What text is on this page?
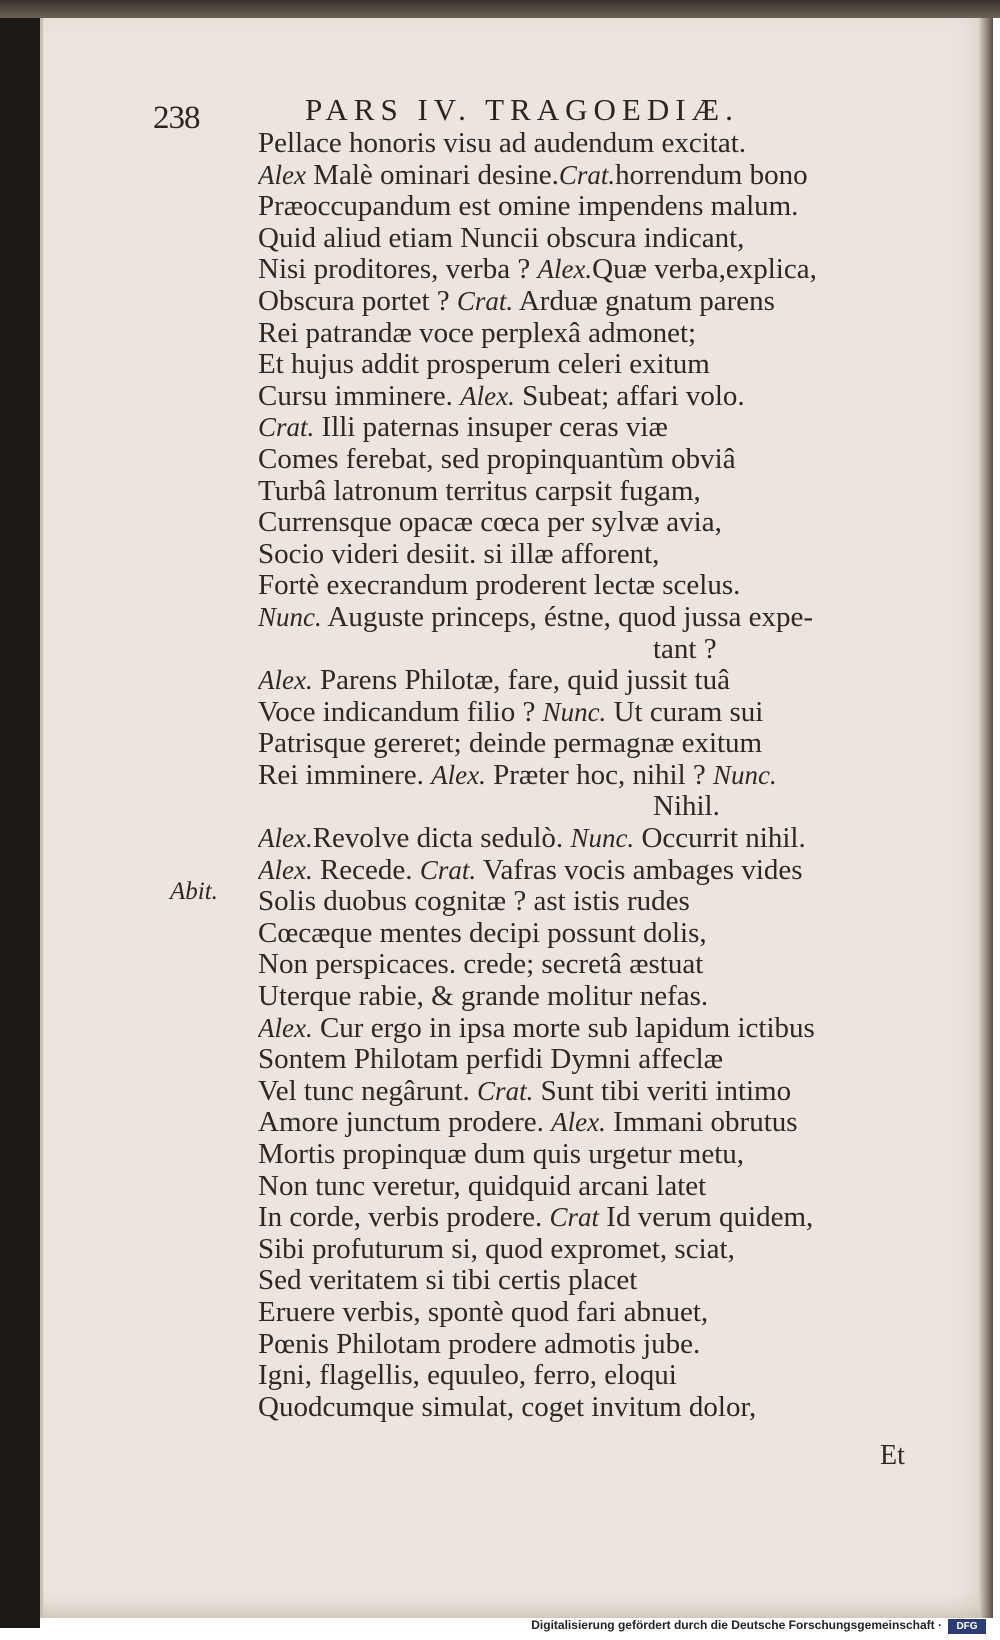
238	PARS IV. TRAGOEDIÆ.
Abit.
Pellace honoris visu ad audendum excitat.
Alex Malè ominari desine.Crat.horrendum bono
Præoccupandum est omine impendens malum.
Quid aliud etiam Nuncii obscura indicant,
Nisi proditores, verba ? Alex.Quæ verba,explica,
Obscura portet ? Crat. Arduæ gnatum parens
Rei patrandæ voce perplexâ admonet;
Et hujus addit prosperum celeri exitum
Cursu imminere. Alex. Subeat; affari volo.
Crat. Illi paternas insuper ceras viæ
Comes ferebat, sed propinquantùm obviâ
Turbâ latronum territus carpsit fugam,
Currensque opacæ cœca per sylvæ avia,
Socio videri desiit. si illæ afforent,
Fortè execrandum proderent lectæ scelus.
Nunc. Auguste princeps, éstne, quod jussa expe-
tant ?
Alex. Parens Philotæ, fare, quid jussit tuâ
Voce indicandum filio ? Nunc. Ut curam sui
Patrisque gereret; deinde permagnæ exitum
Rei imminere. Alex. Præter hoc, nihil ? Nunc.
Nihil.
Alex.Revolve dicta sedulò. Nunc. Occurrit nihil.
Alex. Recede. Crat. Vafras vocis ambages vides
Solis duobus cognitæ ? ast istis rudes
Cœcæque mentes decipi possunt dolis,
Non perspicaces. crede; secretâ æstuat
Uterque rabie, & grande molitur nefas.
Alex. Cur ergo in ipsa morte sub lapidum ictibus
Sontem Philotam perfidi Dymni affeclæ
Vel tunc negârunt. Crat. Sunt tibi veriti intimo
Amore junctum prodere. Alex. Immani obrutus
Mortis propinquæ dum quis urgetur metu,
Non tunc veretur, quidquid arcani latet
In corde, verbis prodere. Crat Id verum quidem,
Sibi profuturum si, quod expromet, sciat,
Sed veritatem si tibi certis placet
Eruere verbis, spontè quod fari abnuet,
Pœnis Philotam prodere admotis jube.
Igni, flagellis, equuleo, ferro, eloqui
Quodcumque simulat, coget invitum dolor,
Et
Digitalisierung gefördert durch die Deutsche Forschungsgemeinschaft ·	DFG
